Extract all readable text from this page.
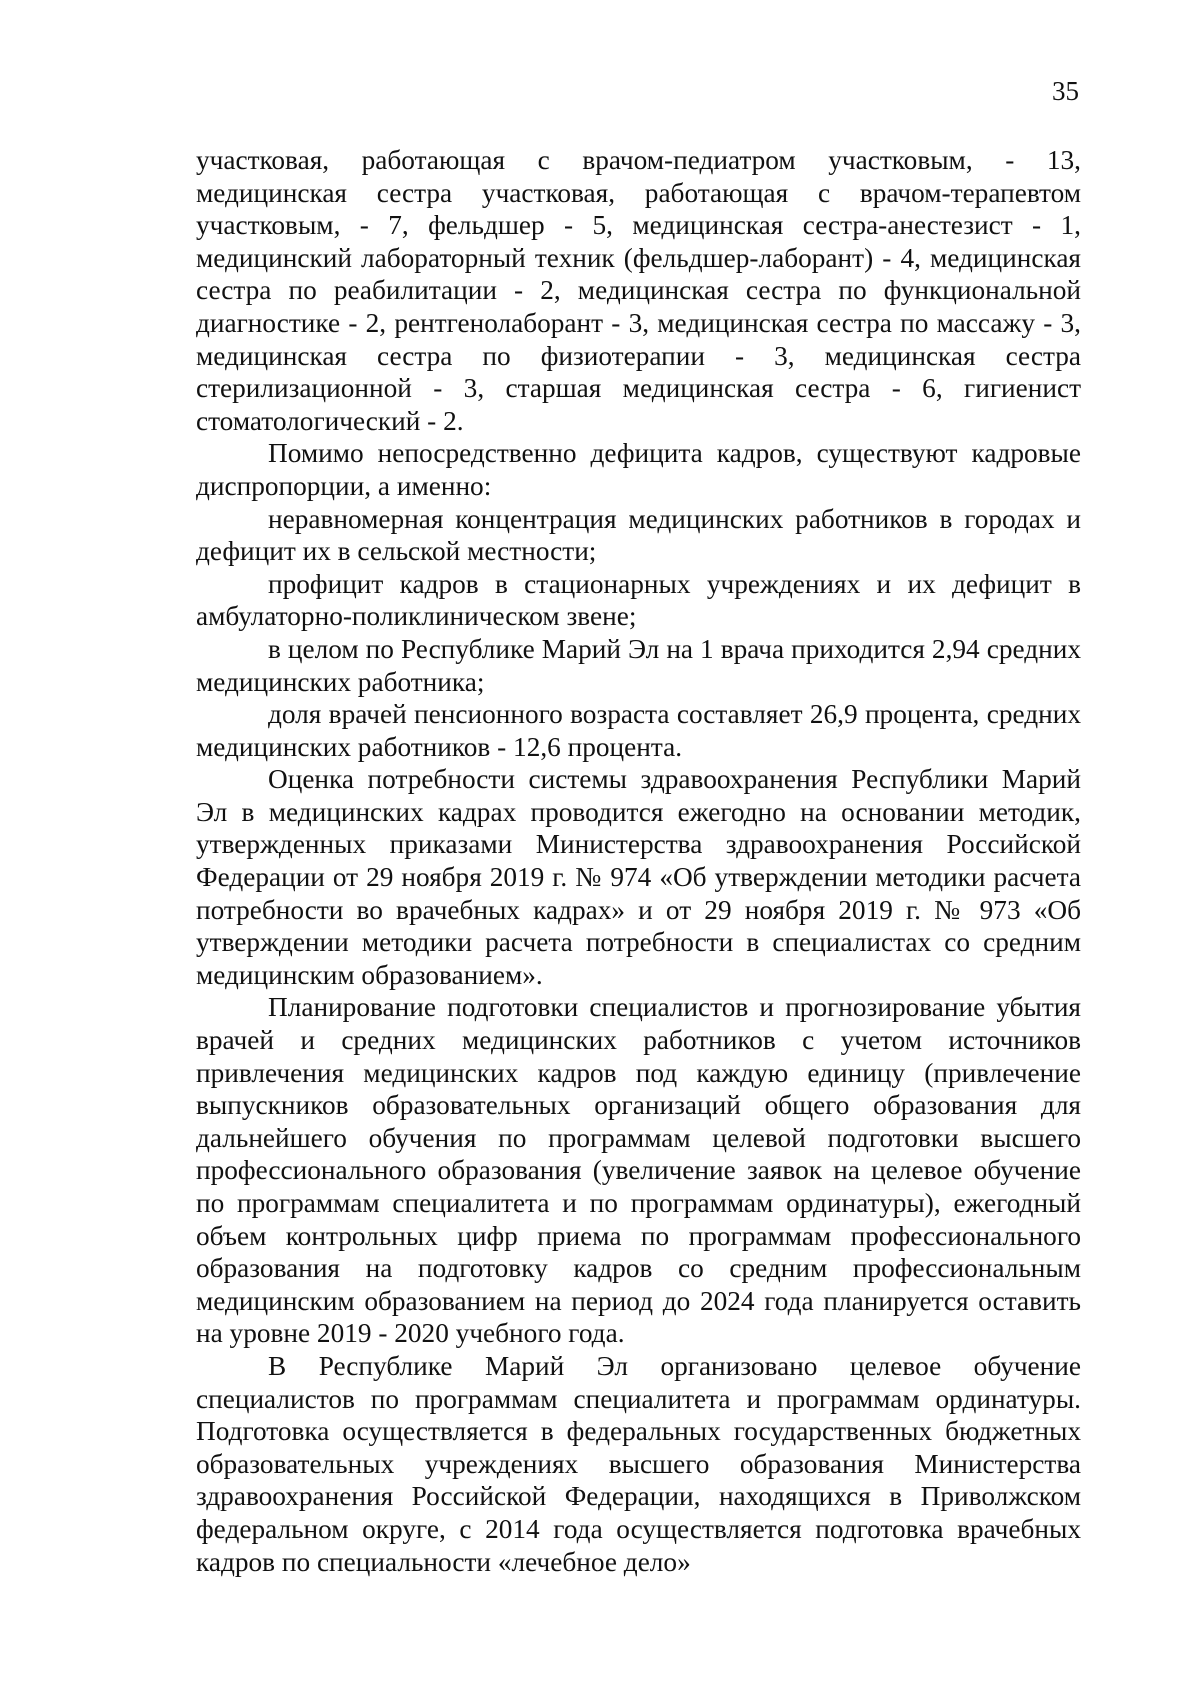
35

участковая, работающая с врачом-педиатром участковым, - 13, медицинская сестра участковая, работающая с врачом-терапевтом участковым, - 7, фельдшер - 5, медицинская сестра-анестезист - 1, медицинский лабораторный техник (фельдшер-лаборант) - 4, медицинская сестра по реабилитации - 2, медицинская сестра по функциональной диагностике - 2, рентгенолаборант - 3, медицинская сестра по массажу - 3, медицинская сестра по физиотерапии - 3, медицинская сестра стерилизационной - 3, старшая медицинская сестра - 6, гигиенист стоматологический - 2.

Помимо непосредственно дефицита кадров, существуют кадровые диспропорции, а именно:

неравномерная концентрация медицинских работников в городах и дефицит их в сельской местности;

профицит кадров в стационарных учреждениях и их дефицит в амбулаторно-поликлиническом звене;

в целом по Республике Марий Эл на 1 врача приходится 2,94 средних медицинских работника;

доля врачей пенсионного возраста составляет 26,9 процента, средних медицинских работников - 12,6 процента.

Оценка потребности системы здравоохранения Республики Марий Эл в медицинских кадрах проводится ежегодно на основании методик, утвержденных приказами Министерства здравоохранения Российской Федерации от 29 ноября 2019 г. № 974 «Об утверждении методики расчета потребности во врачебных кадрах» и от 29 ноября 2019 г. № 973 «Об утверждении методики расчета потребности в специалистах со средним медицинским образованием».

Планирование подготовки специалистов и прогнозирование убытия врачей и средних медицинских работников с учетом источников привлечения медицинских кадров под каждую единицу (привлечение выпускников образовательных организаций общего образования для дальнейшего обучения по программам целевой подготовки высшего профессионального образования (увеличение заявок на целевое обучение по программам специалитета и по программам ординатуры), ежегодный объем контрольных цифр приема по программам профессионального образования на подготовку кадров со средним профессиональным медицинским образованием на период до 2024 года планируется оставить на уровне 2019 - 2020 учебного года.

В Республике Марий Эл организовано целевое обучение специалистов по программам специалитета и программам ординатуры. Подготовка осуществляется в федеральных государственных бюджетных образовательных учреждениях высшего образования Министерства здравоохранения Российской Федерации, находящихся в Приволжском федеральном округе, с 2014 года осуществляется подготовка врачебных кадров по специальности «лечебное дело»
